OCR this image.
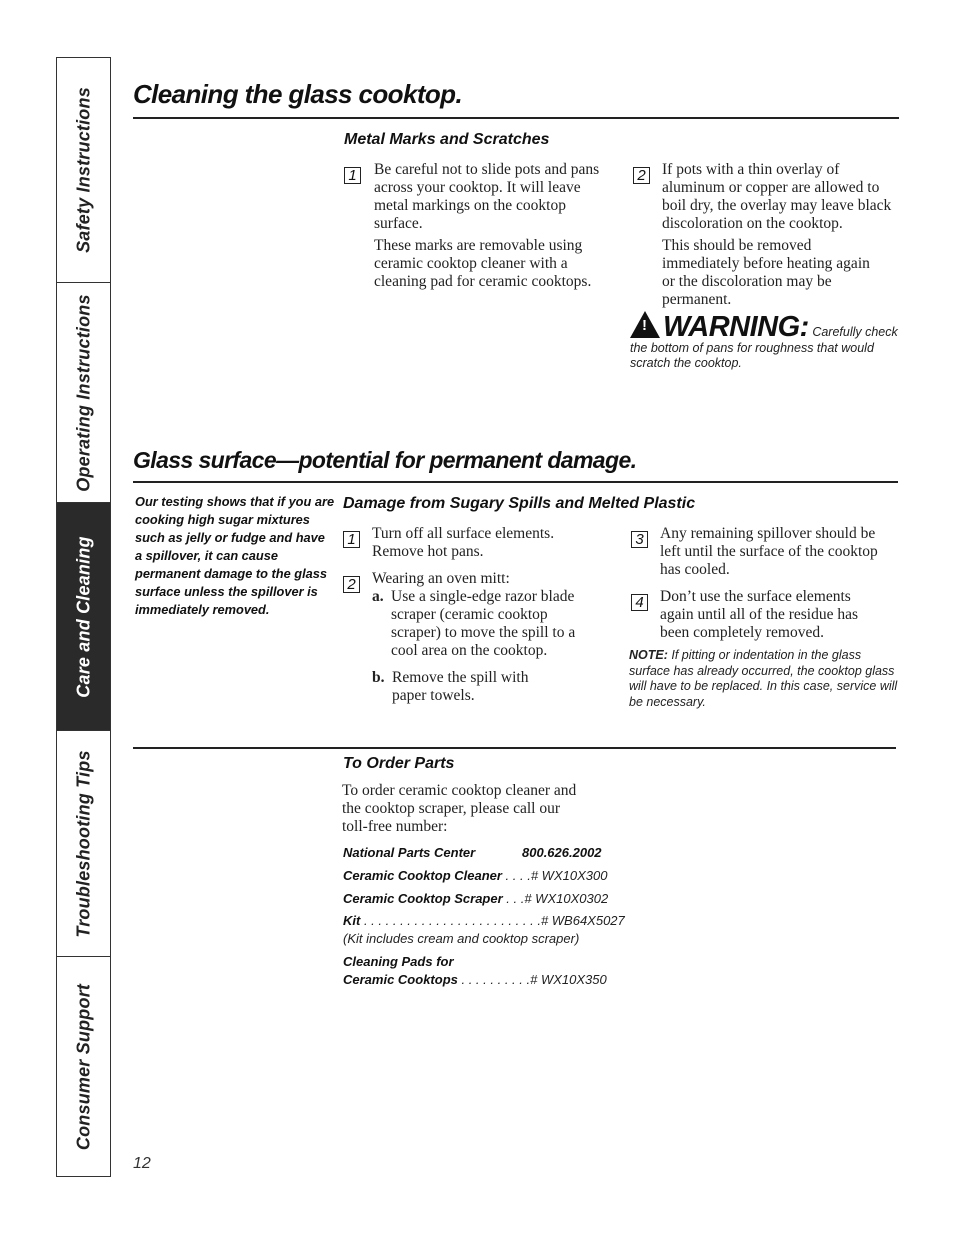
Safety Instructions
Operating Instructions
Care and Cleaning
Troubleshooting Tips
Consumer Support
Cleaning the glass cooktop.
Metal Marks and Scratches
1 Be careful not to slide pots and pans across your cooktop. It will leave metal markings on the cooktop surface.

These marks are removable using ceramic cooktop cleaner with a cleaning pad for ceramic cooktops.

2 If pots with a thin overlay of aluminum or copper are allowed to boil dry, the overlay may leave black discoloration on the cooktop.

This should be removed immediately before heating again or the discoloration may be permanent.

! WARNING: Carefully check the bottom of pans for roughness that would scratch the cooktop.
Glass surface—potential for permanent damage.
Our testing shows that if you are cooking high sugar mixtures such as jelly or fudge and have a spillover, it can cause permanent damage to the glass surface unless the spillover is immediately removed.
Damage from Sugary Spills and Melted Plastic
1 Turn off all surface elements. Remove hot pans.
2 Wearing an oven mitt:
a. Use a single-edge razor blade scraper (ceramic cooktop scraper) to move the spill to a cool area on the cooktop.
b. Remove the spill with paper towels.
3 Any remaining spillover should be left until the surface of the cooktop has cooled.
4 Don’t use the surface elements again until all of the residue has been completely removed.
NOTE: If pitting or indentation in the glass surface has already occurred, the cooktop glass will have to be replaced. In this case, service will be necessary.
To Order Parts
To order ceramic cooktop cleaner and the cooktop scraper, please call our toll-free number:
National Parts Center	800.626.2002
Ceramic Cooktop Cleaner . . . .# WX10X300
Ceramic Cooktop Scraper . . .# WX10X0302
Kit . . . . . . . . . . . . . . . . . . . . . . . . .# WB64X5027
(Kit includes cream and cooktop scraper)
Cleaning Pads for
Ceramic Cooktops . . . . . . . . . .# WX10X350
12
